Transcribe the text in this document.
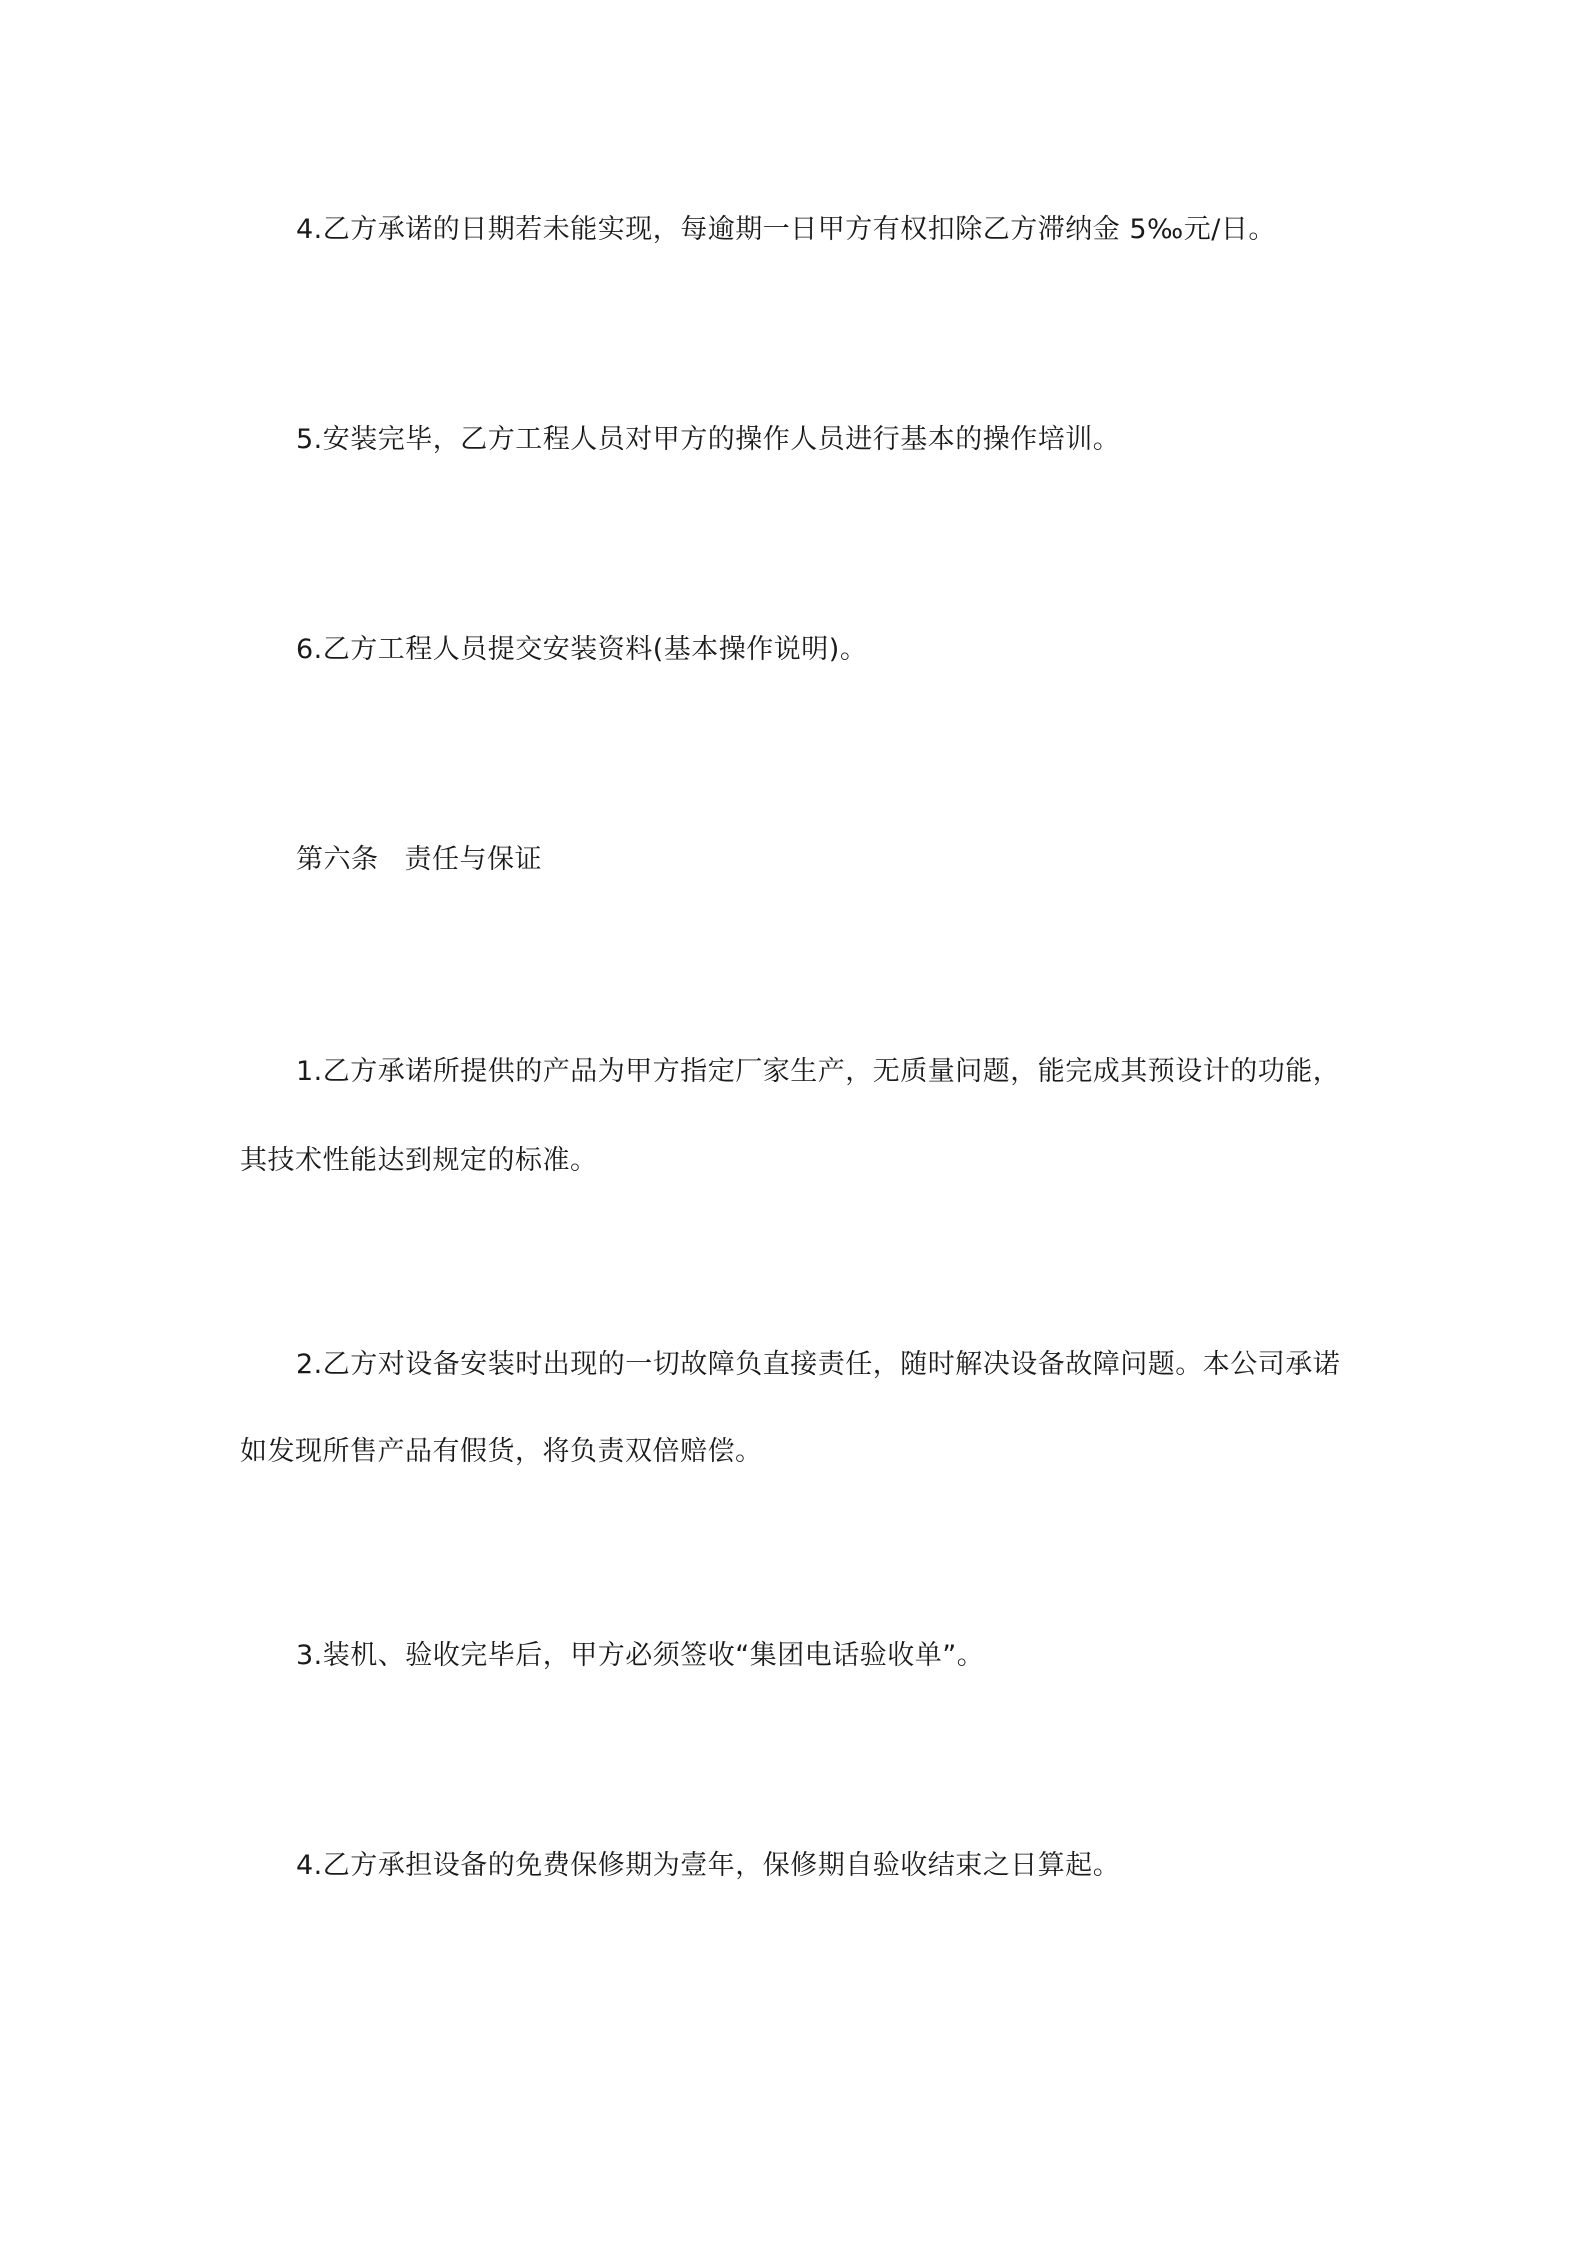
4.乙方承诺的日期若未能实现，每逾期一日甲方有权扣除乙方滞纳金 5‰元/日。
5.安装完毕，乙方工程人员对甲方的操作人员进行基本的操作培训。
6.乙方工程人员提交安装资料(基本操作说明)。
第六条 责任与保证
1.乙方承诺所提供的产品为甲方指定厂家生产，无质量问题，能完成其预设计的功能，
其技术性能达到规定的标准。
2.乙方对设备安装时出现的一切故障负直接责任，随时解决设备故障问题。本公司承诺
如发现所售产品有假货，将负责双倍赔偿。
3.装机、验收完毕后，甲方必须签收“集团电话验收单”。
4.乙方承担设备的免费保修期为壹年，保修期自验收结束之日算起。
